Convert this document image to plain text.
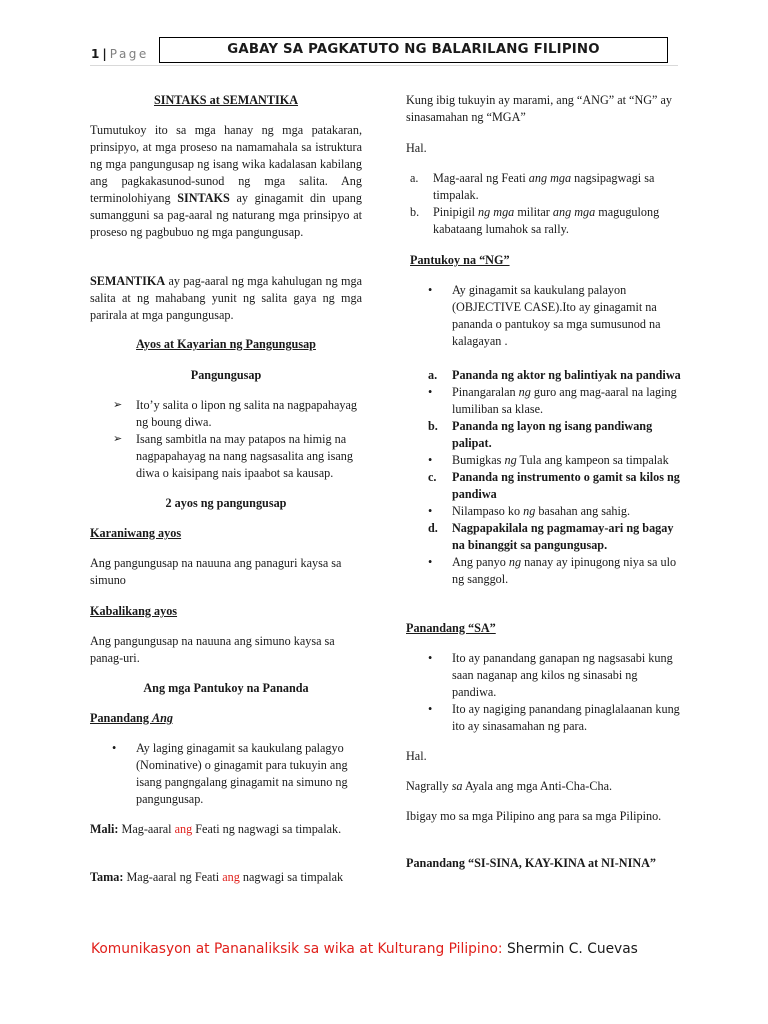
1 | Page	GABAY SA PAGKATUTO NG BALARILANG FILIPINO

SINTAKS at SEMANTIKA

Tumutukoy ito sa mga hanay ng mga patakaran, prinsipyo, at mga proseso na namamahala sa istruktura ng mga pangungusap ng isang wika kadalasan kabilang ang pagkakasunod-sunod ng mga salita. Ang terminolohiyang SINTAKS ay ginagamit din upang sumangguni sa pag-aaral ng naturang mga prinsipyo at proseso ng pagbubuo ng mga pangungusap.

SEMANTIKA ay pag-aaral ng mga kahulugan ng mga salita at ng mahabang yunit ng salita gaya ng mga parirala at mga pangungusap.

Ayos at Kayarian ng Pangungusap

Pangungusap

➢ Ito’y salita o lipon ng salita na nagpapahayag ng boung diwa.
➢ Isang sambitla na may patapos na himig na nagpapahayag na nang nagsasalita ang isang diwa o kaisipang nais ipaabot sa kausap.

2 ayos ng pangungusap

Karaniwang ayos

Ang pangungusap na nauuna ang panaguri kaysa sa simuno

Kabalikang ayos

Ang pangungusap na nauuna ang simuno kaysa sa panag-uri.

Ang mga Pantukoy na Pananda

Panandang Ang

• Ay laging ginagamit sa kaukulang palagyo (Nominative) o ginagamit para tukuyin ang isang pangngalang ginagamit na simuno ng pangungusap.

Mali: Mag-aaral ang Feati ng nagwagi sa timpalak.

Tama: Mag-aaral ng Feati ang nagwagi sa timpalak

Kung ibig tukuyin ay marami, ang “ANG” at “NG” ay sinasamahan ng “MGA”

Hal.

a. Mag-aaral ng Feati ang mga nagsipagwagi sa timpalak.
b. Pinipigil ng mga militar ang mga magugulong kabataang lumahok sa rally.

Pantukoy na “NG”

• Ay ginagamit sa kaukulang palayon (OBJECTIVE CASE).Ito ay ginagamit na pananda o pantukoy sa mga sumusunod na kalagayan .
a. Pananda ng aktor ng balintiyak na pandiwa
• Pinangaralan ng guro ang mag-aaral na laging lumiliban sa klase.
b. Pananda ng layon ng isang pandiwang palipat.
• Bumigkas ng Tula ang kampeon sa timpalak
c. Pananda ng instrumento o gamit sa kilos ng pandiwa
• Nilampaso ko ng basahan ang sahig.
d. Nagpapakilala ng pagmamay-ari ng bagay na binanggit sa pangungusap.
• Ang panyo ng nanay ay ipinugong niya sa ulo ng sanggol.

Panandang “SA”

• Ito ay panandang ganapan ng nagsasabi kung saan naganap ang kilos ng sinasabi ng pandiwa.
• Ito ay nagiging panandang pinaglalaanan kung ito ay sinasamahan ng para.

Hal.

Nagrally sa Ayala ang mga Anti-Cha-Cha.

Ibigay mo sa mga Pilipino ang para sa mga Pilipino.

Panandang “SI-SINA, KAY-KINA at NI-NINA”

Komunikasyon at Pananaliksik sa wika at Kulturang Pilipino: Shermin C. Cuevas
